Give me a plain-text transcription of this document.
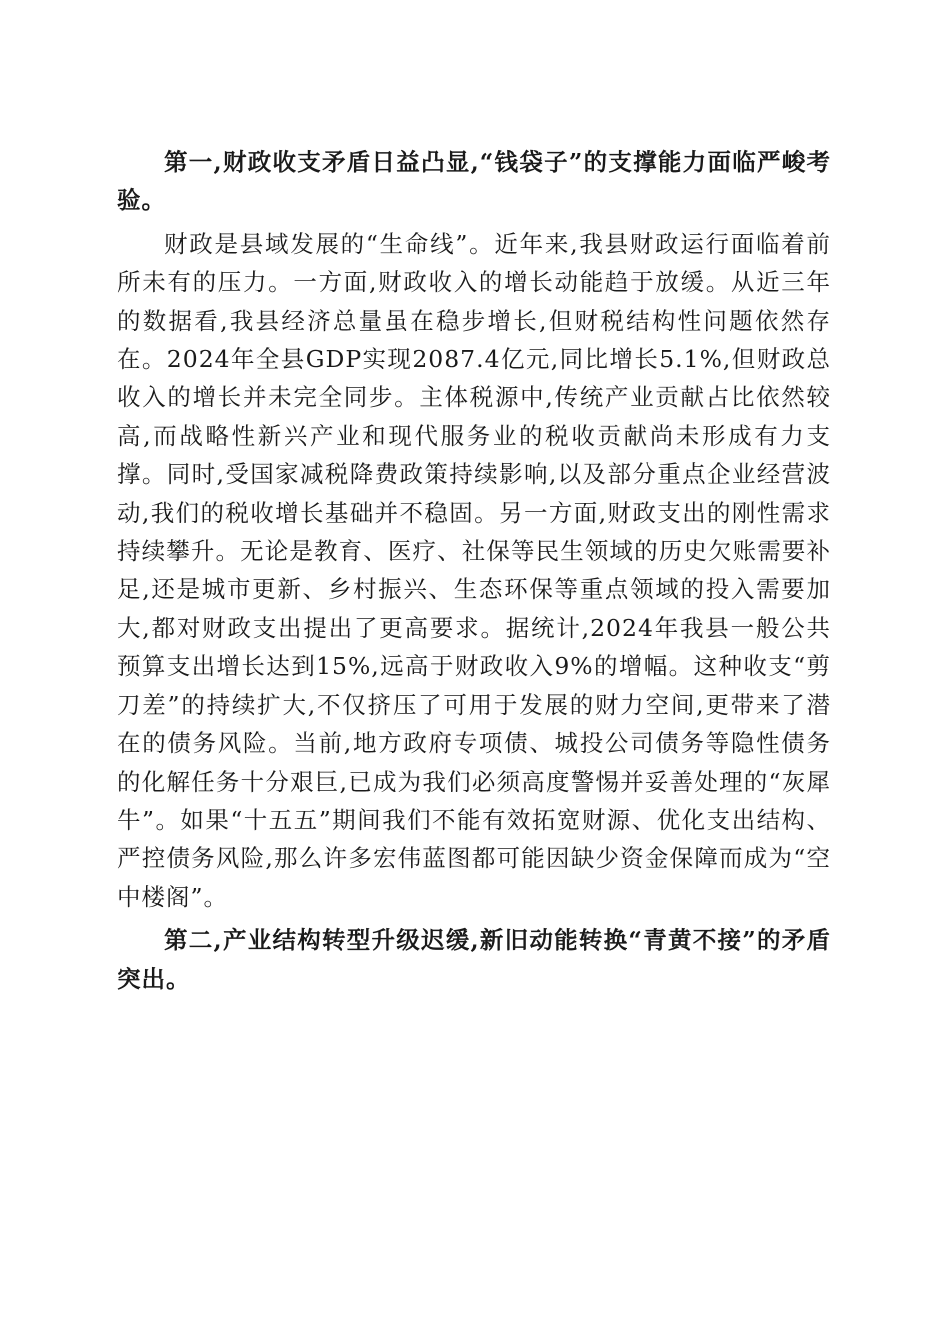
第一,财政收支矛盾日益凸显,“钱袋子”的支撑能力面临严峻考验。

财政是县域发展的“生命线”。近年来,我县财政运行面临着前所未有的压力。一方面,财政收入的增长动能趋于放缓。从近三年的数据看,我县经济总量虽在稳步增长,但财税结构性问题依然存在。2024年全县GDP实现2087.4亿元,同比增长5.1%,但财政总收入的增长并未完全同步。主体税源中,传统产业贡献占比依然较高,而战略性新兴产业和现代服务业的税收贡献尚未形成有力支撑。同时,受国家减税降费政策持续影响,以及部分重点企业经营波动,我们的税收增长基础并不稳固。另一方面,财政支出的刚性需求持续攀升。无论是教育、医疗、社保等民生领域的历史欠账需要补足,还是城市更新、乡村振兴、生态环保等重点领域的投入需要加大,都对财政支出提出了更高要求。据统计,2024年我县一般公共预算支出增长达到15%,远高于财政收入9%的增幅。这种收支“剪刀差”的持续扩大,不仅挤压了可用于发展的财力空间,更带来了潜在的债务风险。当前,地方政府专项债、城投公司债务等隐性债务的化解任务十分艰巨,已成为我们必须高度警惕并妥善处理的“灰犀牛”。如果“十五五”期间我们不能有效拓宽财源、优化支出结构、严控债务风险,那么许多宏伟蓝图都可能因缺少资金保障而成为“空中楼阁”。

第二,产业结构转型升级迟缓,新旧动能转换“青黄不接”的矛盾突出。
